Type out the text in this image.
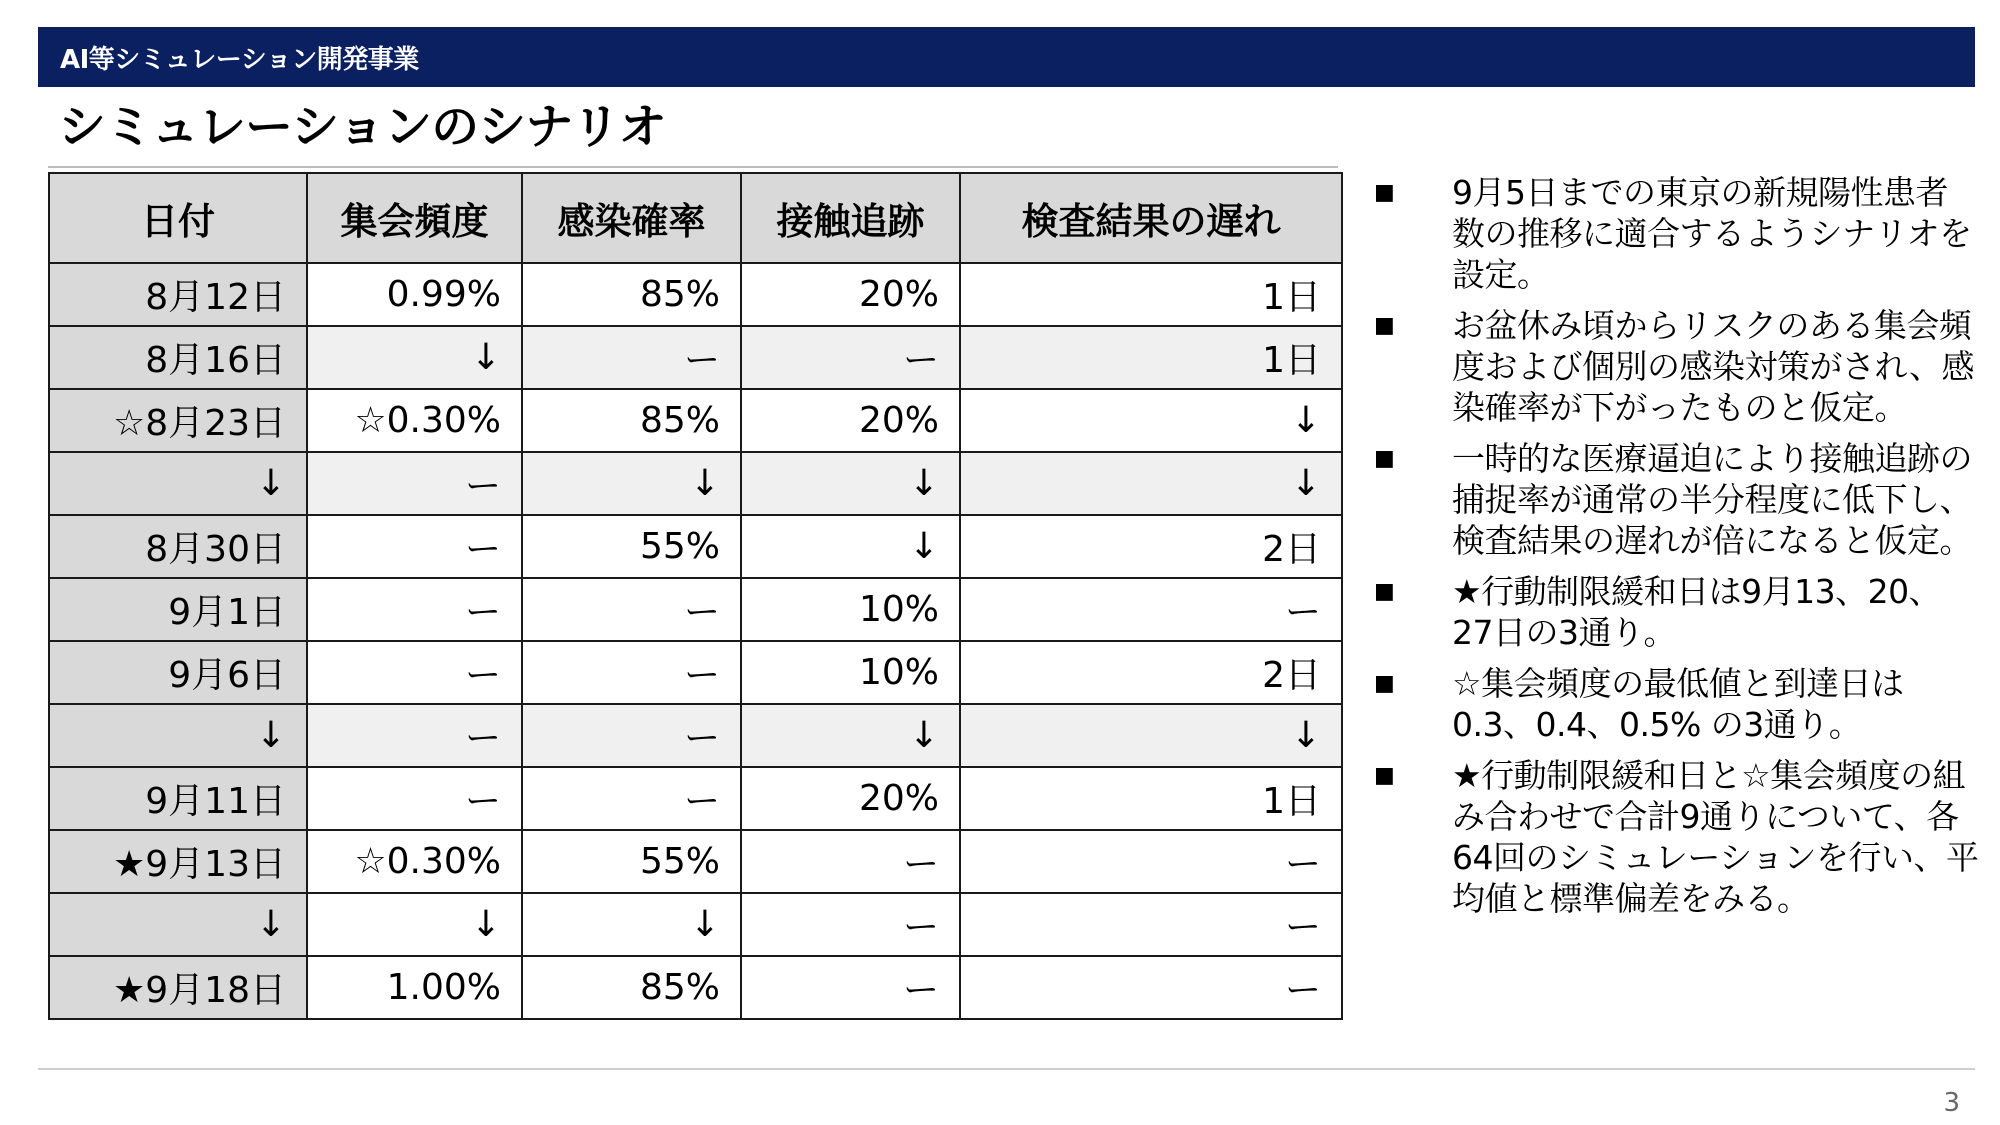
AI等シミュレーション開発事業
シミュレーションのシナリオ
日付	集会頻度	感染確率	接触追跡	検査結果の遅れ
8月12日	0.99%	85%	20%	1日
8月16日	↓	ー	ー	1日
☆8月23日	☆0.30%	85%	20%	↓
↓	ー	↓	↓	↓
8月30日	ー	55%	↓	2日
9月1日	ー	ー	10%	ー
9月6日	ー	ー	10%	2日
↓	ー	ー	↓	↓
9月11日	ー	ー	20%	1日
★9月13日	☆0.30%	55%	ー	ー
↓	↓	↓	ー	ー
★9月18日	1.00%	85%	ー	ー
■	9月5日までの東京の新規陽性患者数の推移に適合するようシナリオを設定。
■	お盆休み頃からリスクのある集会頻度および個別の感染対策がされ、感染確率が下がったものと仮定。
■	一時的な医療逼迫により接触追跡の捕捉率が通常の半分程度に低下し、検査結果の遅れが倍になると仮定。
■	★行動制限緩和日は9月13、20、27日の3通り。
■	☆集会頻度の最低値と到達日は0.3、0.4、0.5% の3通り。
■	★行動制限緩和日と☆集会頻度の組み合わせで合計9通りについて、各 64回のシミュレーションを行い、平均値と標準偏差をみる。
3
